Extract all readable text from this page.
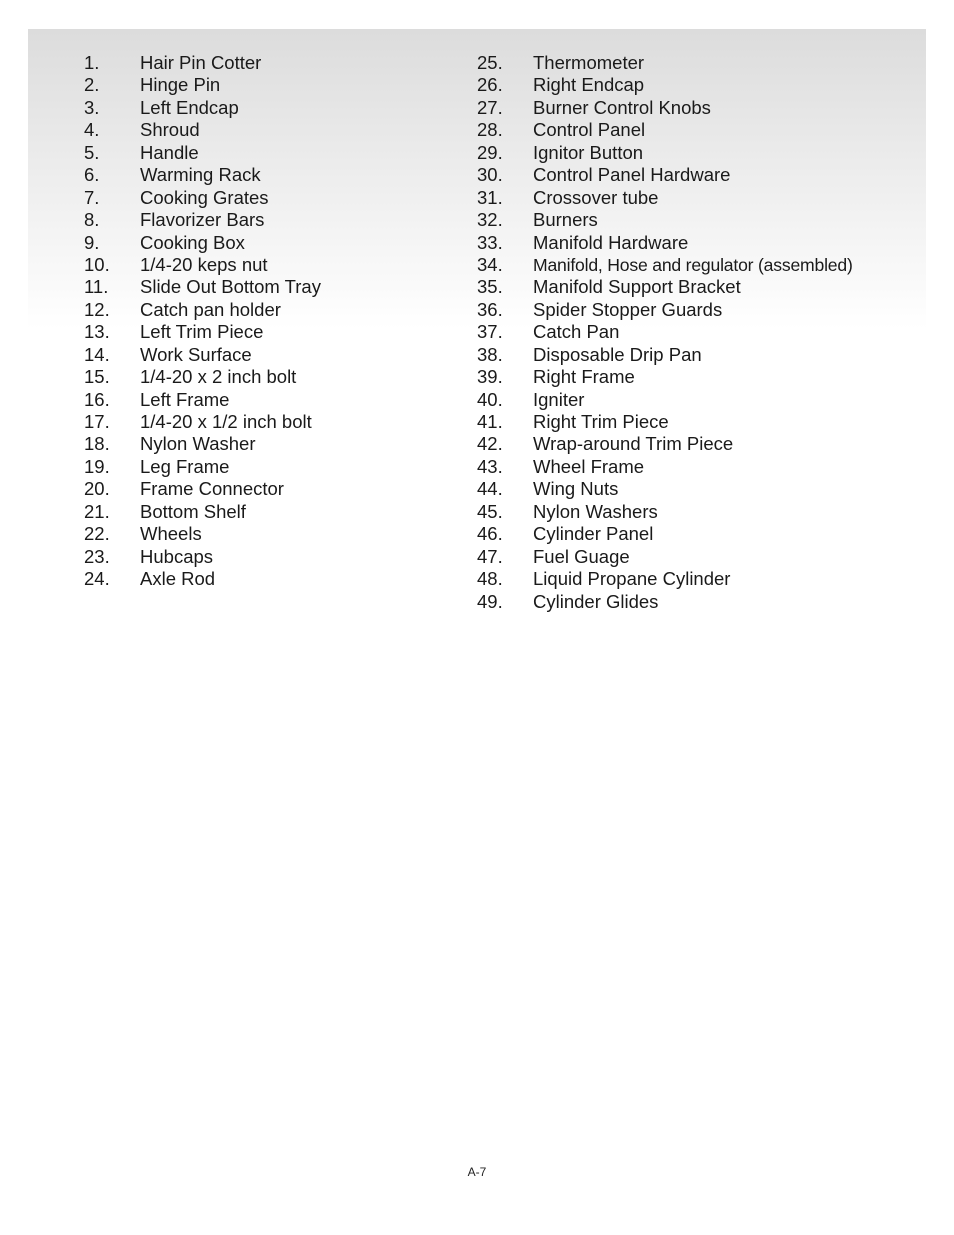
1.	Hair Pin Cotter
2.	Hinge Pin
3.	Left Endcap
4.	Shroud
5.	Handle
6.	Warming Rack
7.	Cooking Grates
8.	Flavorizer Bars
9.	Cooking Box
10.	1/4-20 keps nut
11.	Slide Out Bottom Tray
12.	Catch pan holder
13.	Left Trim Piece
14.	Work Surface
15.	1/4-20 x 2 inch bolt
16.	Left Frame
17.	1/4-20 x 1/2 inch bolt
18.	Nylon Washer
19.	Leg Frame
20.	Frame Connector
21.	Bottom Shelf
22.	Wheels
23.	Hubcaps
24.	Axle Rod
25.	Thermometer
26.	Right Endcap
27.	Burner Control Knobs
28.	Control Panel
29.	Ignitor Button
30.	Control Panel Hardware
31.	Crossover tube
32.	Burners
33.	Manifold Hardware
34.	Manifold, Hose and regulator (assembled)
35.	Manifold Support Bracket
36.	Spider Stopper Guards
37.	Catch Pan
38.	Disposable Drip Pan
39.	Right Frame
40.	Igniter
41.	Right Trim Piece
42.	Wrap-around Trim Piece
43.	Wheel Frame
44.	Wing Nuts
45.	Nylon Washers
46.	Cylinder Panel
47.	Fuel Guage
48.	Liquid Propane Cylinder
49.	Cylinder Glides
A-7
